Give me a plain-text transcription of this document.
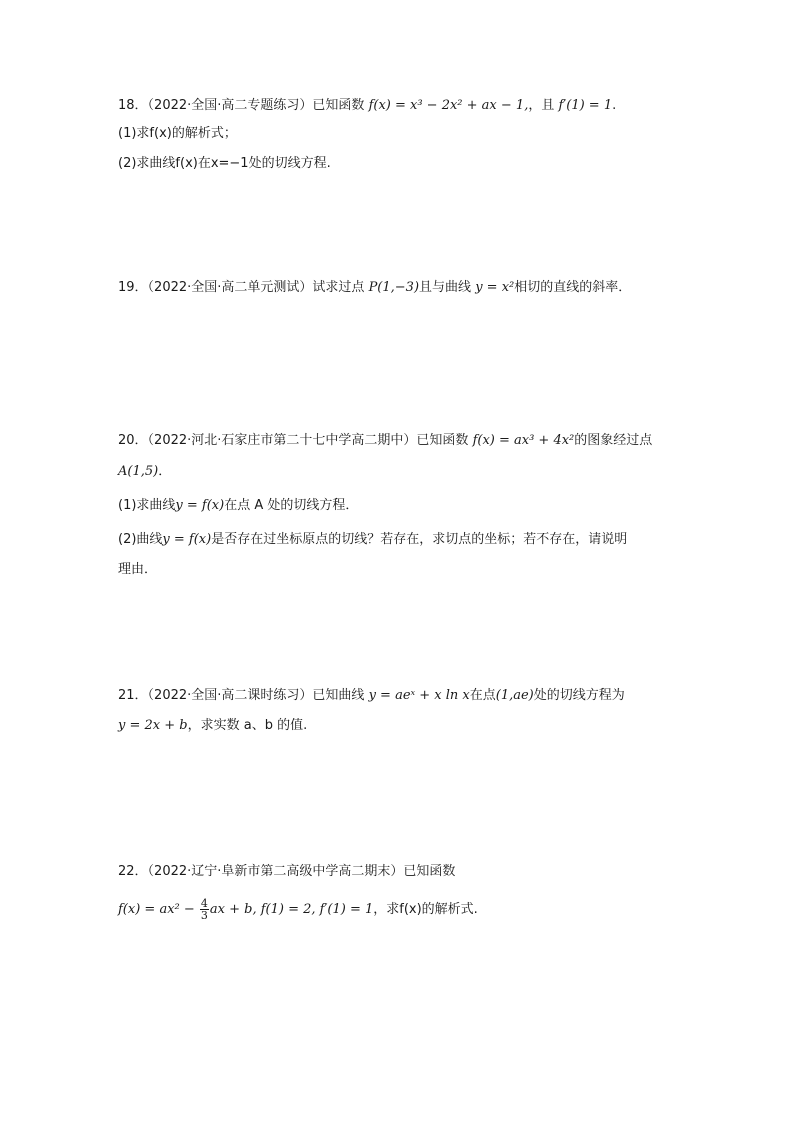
18．（2022·全国·高二专题练习）已知函数 f(x) = x³ − 2x² + ax − 1,，且 f′(1) = 1.
(1)求f(x)的解析式；
(2)求曲线f(x)在x=−1处的切线方程.
19．（2022·全国·高二单元测试）试求过点 P(1,−3)且与曲线 y = x²相切的直线的斜率．
20．（2022·河北·石家庄市第二十七中学高二期中）已知函数 f(x) = ax³ + 4x²的图象经过点
A(1,5)．
(1)求曲线y = f(x)在点 A 处的切线方程．
(2)曲线y = f(x)是否存在过坐标原点的切线？若存在，求切点的坐标；若不存在，请说明
理由．
21．（2022·全国·高二课时练习）已知曲线 y = aeˣ + x ln x在点(1,ae)处的切线方程为
y = 2x + b，求实数 a、b 的值.
22．（2022·辽宁·阜新市第二高级中学高二期末）已知函数
$f(x) = ax^2 - \frac{4}{3}$ ax + b, f(1) = 2, f′(1) = 1，求f(x)的解析式.
